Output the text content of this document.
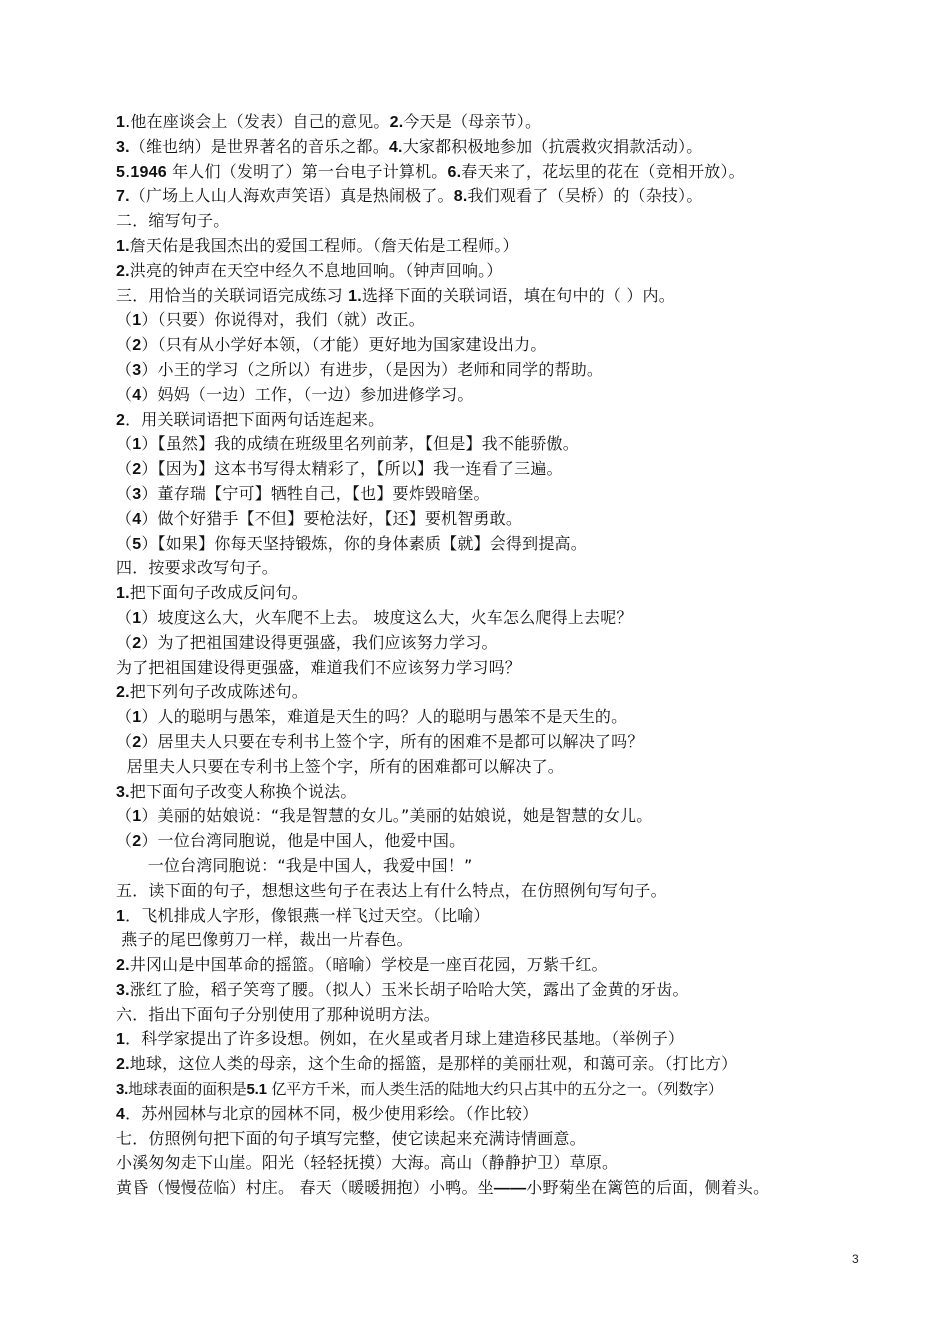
1.他在座谈会上（发表）自己的意见。2.今天是（母亲节）。
3.（维也纳）是世界著名的音乐之都。4.大家都积极地参加（抗震救灾捐款活动）。
5.1946 年人们（发明了）第一台电子计算机。6.春天来了，花坛里的花在（竞相开放）。
7.（广场上人山人海欢声笑语）真是热闹极了。8.我们观看了（吴桥）的（杂技）。
二．缩写句子。
1.詹天佑是我国杰出的爱国工程师。（詹天佑是工程师。）
2.洪亮的钟声在天空中经久不息地回响。（钟声回响。）
三．用恰当的关联词语完成练习 1.选择下面的关联词语，填在句中的（ ）内。
（1）（只要）你说得对，我们（就）改正。
（2）（只有从小学好本领，（才能）更好地为国家建设出力。
（3）小王的学习（之所以）有进步，（是因为）老师和同学的帮助。
（4）妈妈（一边）工作，（一边）参加进修学习。
2．用关联词语把下面两句话连起来。
（1）【虽然】我的成绩在班级里名列前茅，【但是】我不能骄傲。
（2）【因为】这本书写得太精彩了，【所以】我一连看了三遍。
（3）董存瑞【宁可】牺牲自己，【也】要炸毁暗堡。
（4）做个好猎手【不但】要枪法好，【还】要机智勇敢。
（5）【如果】你每天坚持锻炼，你的身体素质【就】会得到提高。
四．按要求改写句子。
1.把下面句子改成反问句。
（1）坡度这么大，火车爬不上去。 坡度这么大，火车怎么爬得上去呢？
（2）为了把祖国建设得更强盛，我们应该努力学习。
为了把祖国建设得更强盛，难道我们不应该努力学习吗？
2.把下列句子改成陈述句。
（1）人的聪明与愚笨，难道是天生的吗？人的聪明与愚笨不是天生的。
（2）居里夫人只要在专利书上签个字，所有的困难不是都可以解决了吗？
居里夫人只要在专利书上签个字，所有的困难都可以解决了。
3.把下面句子改变人称换个说法。
（1）美丽的姑娘说：“我是智慧的女儿。”美丽的姑娘说，她是智慧的女儿。
（2）一位台湾同胞说，他是中国人，他爱中国。
一位台湾同胞说：“我是中国人，我爱中国！”
五．读下面的句子，想想这些句子在表达上有什么特点，在仿照例句写句子。
1．飞机排成人字形，像银燕一样飞过天空。（比喻）
燕子的尾巴像剪刀一样，裁出一片春色。
2.井冈山是中国革命的摇篮。（暗喻）学校是一座百花园，万紫千红。
3.涨红了脸，稻子笑弯了腰。（拟人）玉米长胡子哈哈大笑，露出了金黄的牙齿。
六．指出下面句子分别使用了那种说明方法。
1．科学家提出了许多设想。例如，在火星或者月球上建造移民基地。（举例子）
2.地球，这位人类的母亲，这个生命的摇篮，是那样的美丽壮观，和蔼可亲。（打比方）
3.地球表面的面积是5.1 亿平方千米，而人类生活的陆地大约只占其中的五分之一。（列数字）
4．苏州园林与北京的园林不同，极少使用彩绘。（作比较）
七．仿照例句把下面的句子填写完整，使它读起来充满诗情画意。
小溪匆匆走下山崖。阳光（轻轻抚摸）大海。高山（静静护卫）草原。
黄昏（慢慢莅临）村庄。 春天（暖暖拥抱）小鸭。坐——小野菊坐在篱笆的后面，侧着头。
3
